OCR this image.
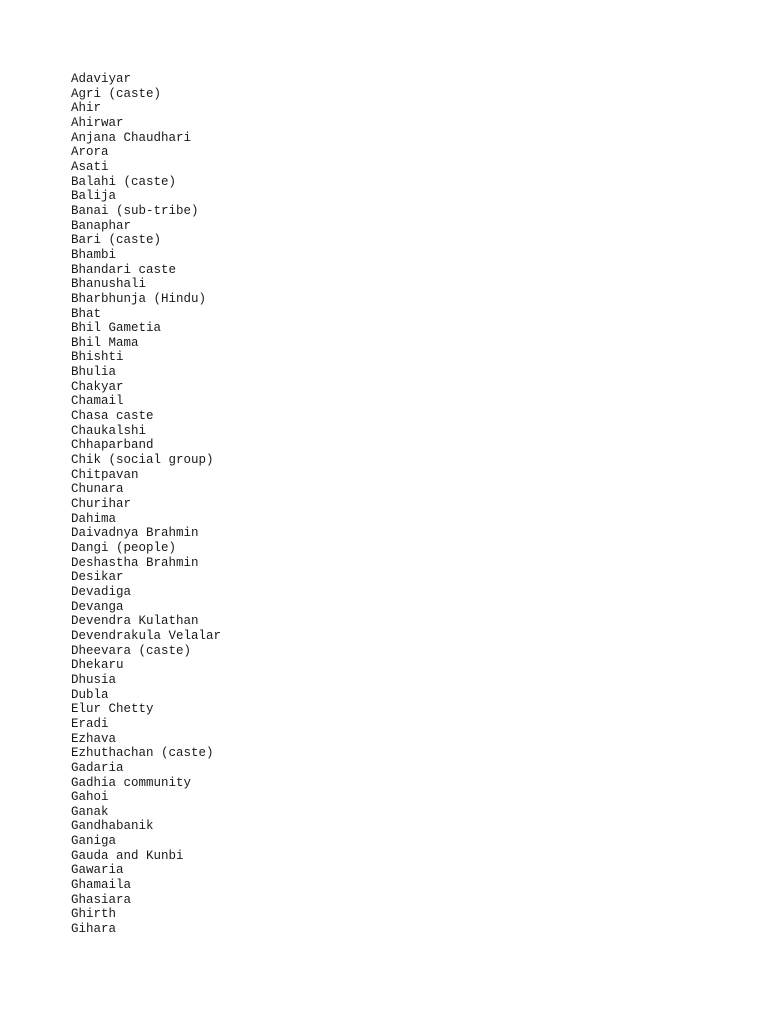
Adaviyar
Agri (caste)
Ahir
Ahirwar
Anjana Chaudhari
Arora
Asati
Balahi (caste)
Balija
Banai (sub-tribe)
Banaphar
Bari (caste)
Bhambi
Bhandari caste
Bhanushali
Bharbhunja (Hindu)
Bhat
Bhil Gametia
Bhil Mama
Bhishti
Bhulia
Chakyar
Chamail
Chasa caste
Chaukalshi
Chhaparband
Chik (social group)
Chitpavan
Chunara
Churihar
Dahima
Daivadnya Brahmin
Dangi (people)
Deshastha Brahmin
Desikar
Devadiga
Devanga
Devendra Kulathan
Devendrakula Velalar
Dheevara (caste)
Dhekaru
Dhusia
Dubla
Elur Chetty
Eradi
Ezhava
Ezhuthachan (caste)
Gadaria
Gadhia community
Gahoi
Ganak
Gandhabanik
Ganiga
Gauda and Kunbi
Gawaria
Ghamaila
Ghasiara
Ghirth
Gihara
